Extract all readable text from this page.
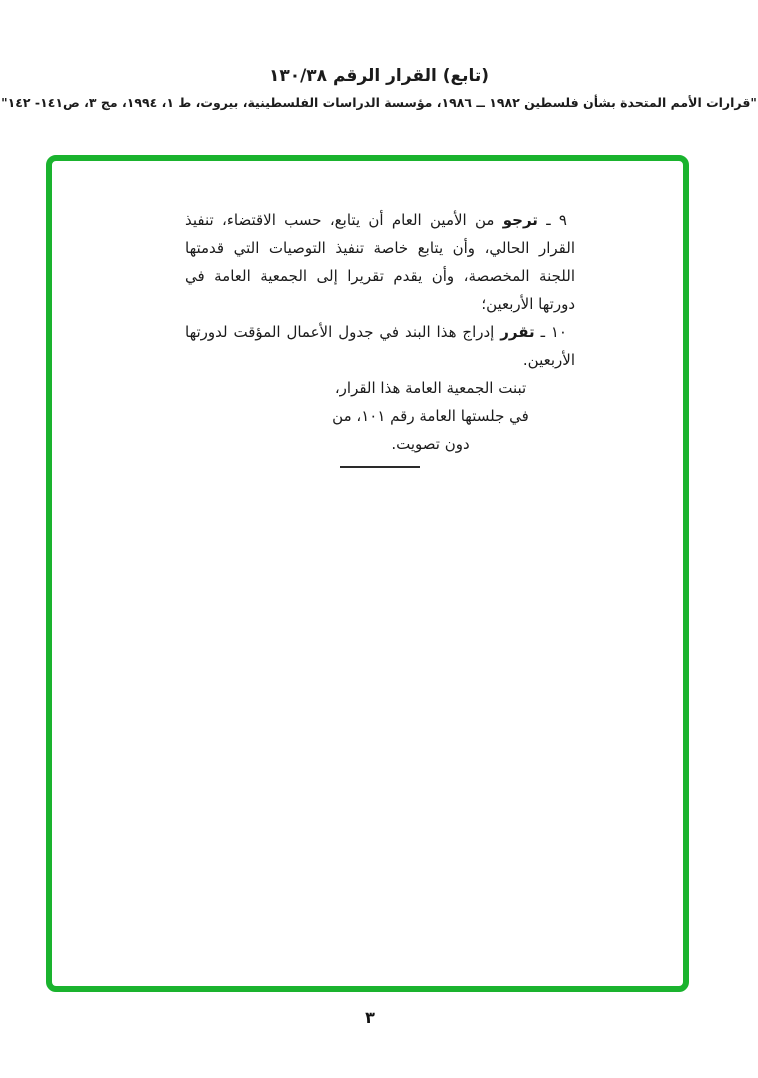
(تابع) القرار الرقم ١٣٠/٣٨
"قرارات الأمم المتحدة بشأن فلسطين ١٩٨٢ ــ ١٩٨٦، مؤسسة الدراسات الفلسطينية، بيروت، ط ١، ١٩٩٤، مج ٣، ص١٤١- ١٤٢"

٩ ـ ترجو من الأمين العام أن يتابع، حسب الاقتضاء، تنفيذ القرار الحالي، وأن يتابع خاصة تنفيذ التوصيات التي قدمتها اللجنة المخصصة، وأن يقدم تقريرا إلى الجمعية العامة في دورتها الأربعين؛

١٠ ـ تقرر إدراج هذا البند في جدول الأعمال المؤقت لدورتها الأربعين.

تبنت الجمعية العامة هذا القرار،
في جلستها العامة رقم ١٠١، من
دون تصويت.
٣
